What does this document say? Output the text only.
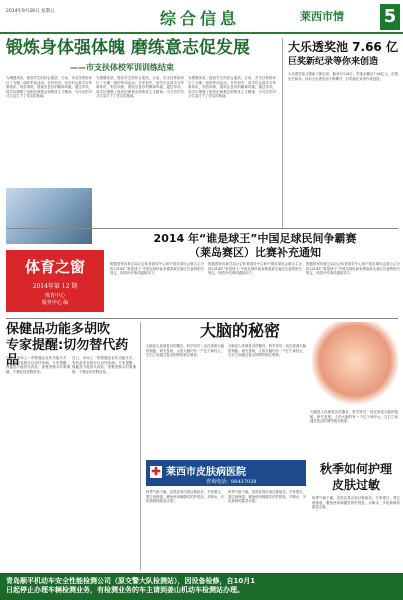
2014年9月26日 星期五	综合信息	莱西市情 5
锻炼身体强体魄 磨练意志促发展
——市支扶体校军训训练结束
为增强体质，提高学生的综合素质，日前，市支扶体校举行了为期一周的军训活动。在军训中，同学们认真学习军事知识，刻苦训练，展现出良好的精神风貌。通过军训，同学们增强了组织纪律观念和集体主义精神，为今后的学习生活打下了坚实的基础。
为增强体质，提高学生的综合素质，日前，市支扶体校举行了为期一周的军训活动。在军训中，同学们认真学习军事知识，刻苦训练，展现出良好的精神风貌。通过军训，同学们增强了组织纪律观念和集体主义精神，为今后的学习生活打下了坚实的基础。
为增强体质，提高学生的综合素质，日前，市支扶体校举行了为期一周的军训活动。在军训中，同学们认真学习军事知识，刻苦训练，展现出良好的精神风貌。通过军训，同学们增强了组织纪律观念和集体主义精神，为今后的学习生活打下了坚实的基础。
大乐透奖池 7.66 亿
巨奖新纪录等你来创造
大乐透奖池又刷新了新纪录，截至9月24日，奖池余额达7.66亿元，创造历史新高。体彩大乐透奖池不断攀升，巨奖新纪录等你来创造。
2014 年“谁是球王”中国足球民间争霸赛
（莱岛赛区）比赛补充通知
根据国家体育总局社会体育指导中心和中国足球协会联合主办的2014年“谁是球王”中国足球民间争霸赛莱岛赛区比赛的相关规定，现将补充事项通知如下。
根据国家体育总局社会体育指导中心和中国足球协会联合主办的2014年“谁是球王”中国足球民间争霸赛莱岛赛区比赛的相关规定，现将补充事项通知如下。
根据国家体育总局社会体育指导中心和中国足球协会联合主办的2014年“谁是球王”中国足球民间争霸赛莱岛赛区比赛的相关规定，现将补充事项通知如下。
体育之窗
2014年第 12 期
体育中心
服务中心 编
保健品功能多胡吹
专家提醒:切勿替代药品
近日，市场上一些保健品宣传功能多多，有的甚至宣称可以治疗疾病。专家提醒，保健品不能替代药品，消费者购买时要谨慎，不要轻信虚假宣传。
近日，市场上一些保健品宣传功能多多，有的甚至宣称可以治疗疾病。专家提醒，保健品不能替代药品，消费者购买时要谨慎，不要轻信虚假宣传。
大脑的秘密
大脑是人体最复杂的器官，科学家们一直在探索大脑的奥秘。研究发现，人的大脑约有一千亿个神经元，它们之间通过复杂的网络相互联系。
大脑是人体最复杂的器官，科学家们一直在探索大脑的奥秘。研究发现，人的大脑约有一千亿个神经元，它们之间通过复杂的网络相互联系。
大脑是人体最复杂的器官，科学家们一直在探索大脑的奥秘。研究发现，人的大脑约有一千亿个神经元，它们之间通过复杂的网络相互联系。
莱西市皮肤病医院
咨询电话：88437028
✚
秋季气候干燥，皮肤容易出现过敏症状。专家建议，要注意保湿，避免使用刺激性的护肤品，多喝水，多吃新鲜的蔬菜水果。
秋季气候干燥，皮肤容易出现过敏症状。专家建议，要注意保湿，避免使用刺激性的护肤品，多喝水，多吃新鲜的蔬菜水果。
秋季如何护理
皮肤过敏
秋季气候干燥，皮肤容易出现过敏症状。专家建议，要注意保湿，避免使用刺激性的护肤品，多喝水，多吃新鲜的蔬菜水果。
青岛顺平机动车安全性能检测公司（原交警大队检测站），因设备检修，自10月1
日起停止办理车辆检测业务，有检测业务的车主请到姜山机动车检测站办理。
